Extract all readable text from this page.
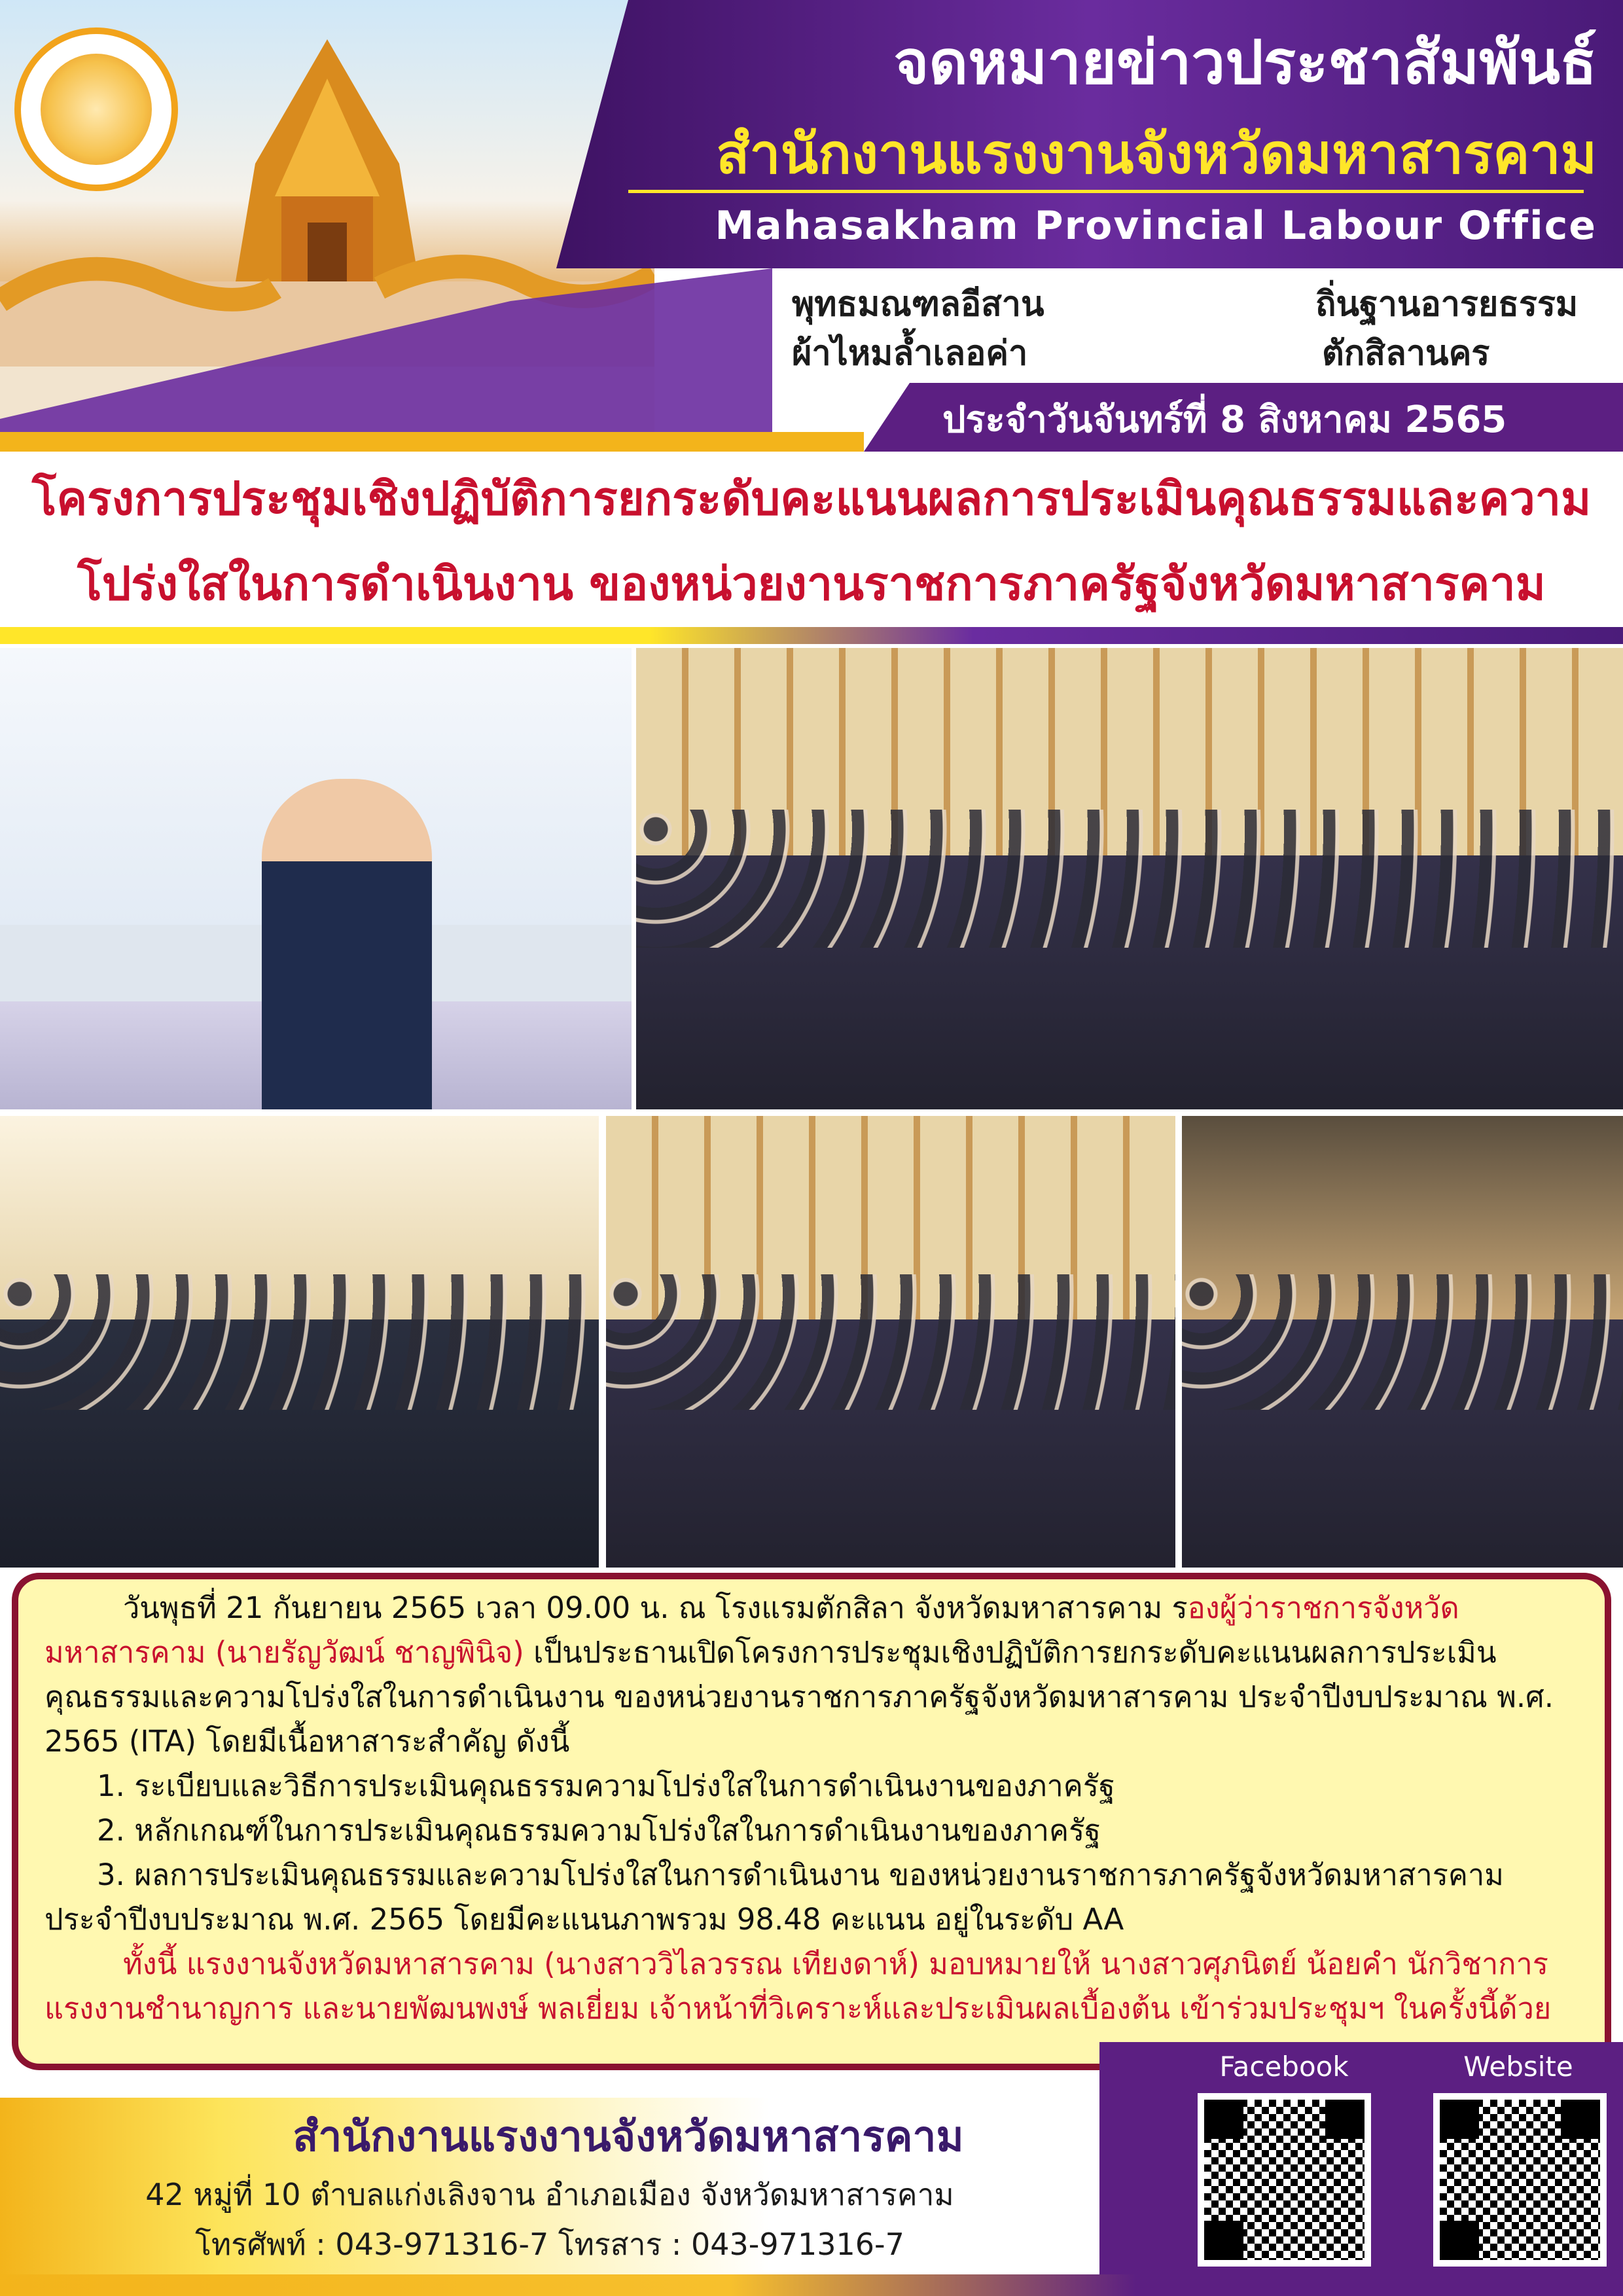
จดหมายข่าวประชาสัมพันธ์
สำนักงานแรงงานจังหวัดมหาสารคาม
Mahasakham Provincial Labour Office
พุทธมณฑลอีสาน	ถิ่นฐานอารยธรรม
ผ้าไหมล้ำเลอค่า	ตักสิลานคร
ประจำวันจันทร์ที่ 8 สิงหาคม 2565
โครงการประชุมเชิงปฏิบัติการยกระดับคะแนนผลการประเมินคุณธรรมและความ
โปร่งใสในการดำเนินงาน ของหน่วยงานราชการภาครัฐจังหวัดมหาสารคาม

วันพุธที่ 21 กันยายน 2565 เวลา 09.00 น. ณ โรงแรมตักสิลา จังหวัดมหาสารคาม รองผู้ว่าราชการจังหวัดมหาสารคาม (นายรัญวัฒน์ ชาญพินิจ) เป็นประธานเปิดโครงการประชุมเชิงปฏิบัติการยกระดับคะแนนผลการประเมินคุณธรรมและความโปร่งใสในการดำเนินงาน ของหน่วยงานราชการภาครัฐจังหวัดมหาสารคาม ประจำปีงบประมาณ พ.ศ. 2565 (ITA) โดยมีเนื้อหาสาระสำคัญ ดังนี้

1. ระเบียบและวิธีการประเมินคุณธรรมความโปร่งใสในการดำเนินงานของภาครัฐ

2. หลักเกณฑ์ในการประเมินคุณธรรมความโปร่งใสในการดำเนินงานของภาครัฐ

3. ผลการประเมินคุณธรรมและความโปร่งใสในการดำเนินงาน ของหน่วยงานราชการภาครัฐจังหวัดมหาสารคาม ประจำปีงบประมาณ พ.ศ. 2565 โดยมีคะแนนภาพรวม 98.48 คะแนน อยู่ในระดับ AA

ทั้งนี้ แรงงานจังหวัดมหาสารคาม (นางสาววิไลวรรณ เทียงดาห์) มอบหมายให้ นางสาวศุภนิตย์ น้อยคำ นักวิชาการแรงงานชำนาญการ และนายพัฒนพงษ์ พลเยี่ยม เจ้าหน้าที่วิเคราะห์และประเมินผลเบื้องต้น เข้าร่วมประชุมฯ ในครั้งนี้ด้วย

สำนักงานแรงงานจังหวัดมหาสารคาม
42 หมู่ที่ 10 ตำบลแก่งเลิงจาน อำเภอเมือง จังหวัดมหาสารคาม
โทรศัพท์ : 043-971316-7 โทรสาร : 043-971316-7
Facebook	Website
